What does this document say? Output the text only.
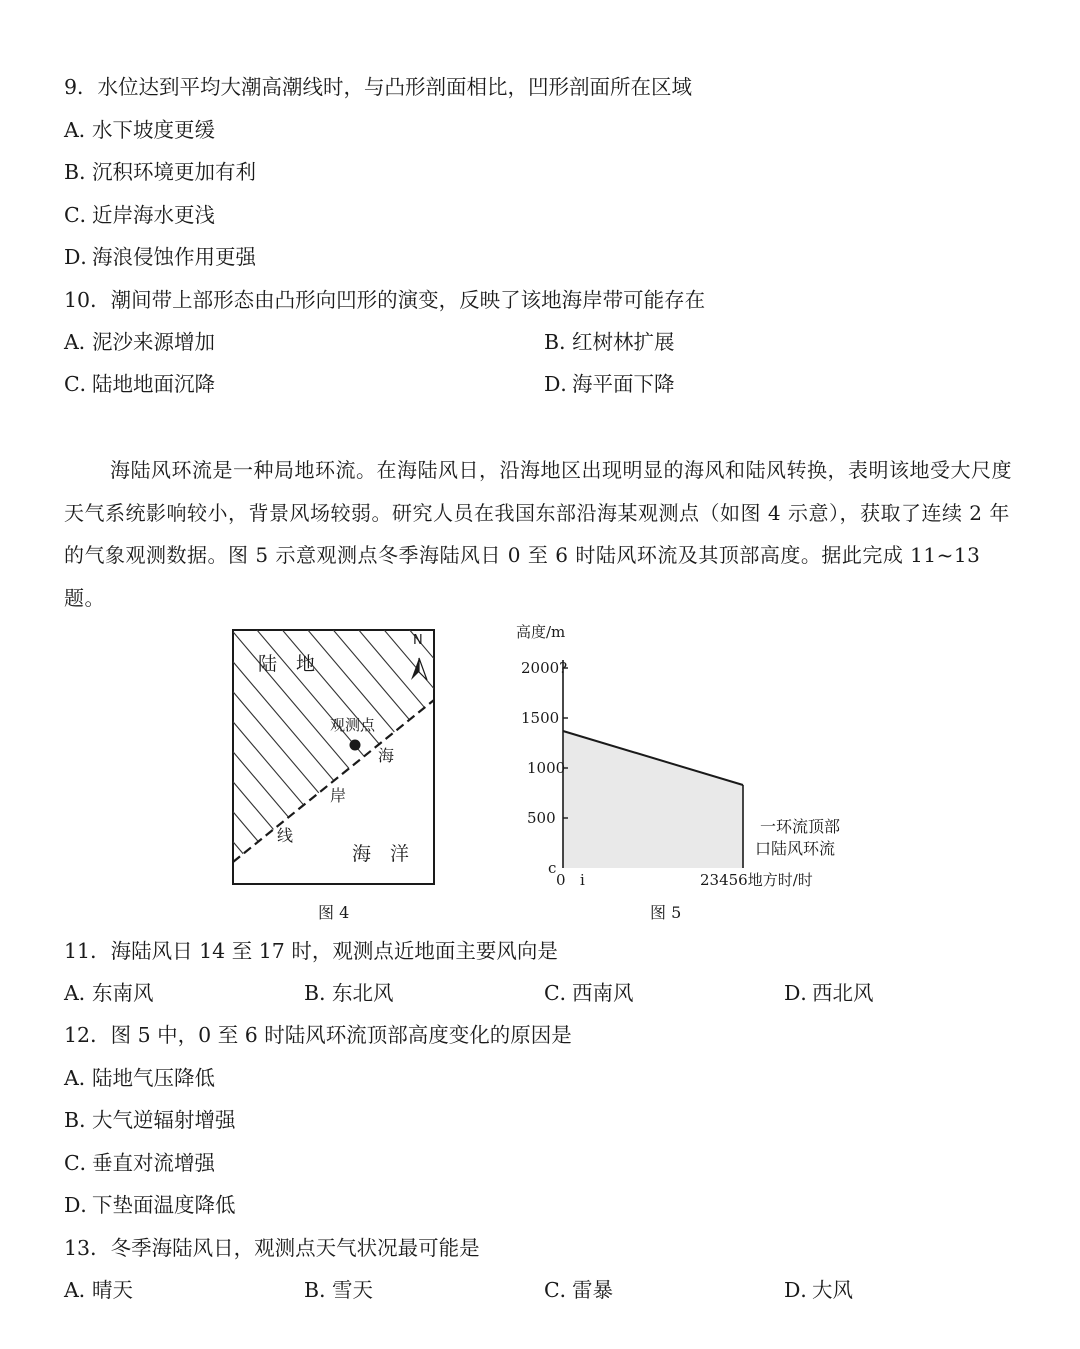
9．水位达到平均大潮高潮线时，与凸形剖面相比，凹形剖面所在区域
A．水下坡度更缓
B．沉积环境更加有利
C．近岸海水更浅
D．海浪侵蚀作用更强
10．潮间带上部形态由凸形向凹形的演变，反映了该地海岸带可能存在
A．泥沙来源增加	B．红树林扩展
C．陆地地面沉降	D．海平面下降
海陆风环流是一种局地环流。在海陆风日，沿海地区出现明显的海风和陆风转换，表明该地受大尺度天气系统影响较小，背景风场较弱。研究人员在我国东部沿海某观测点（如图 4 示意），获取了连续 2 年的气象观测数据。图 5 示意观测点冬季海陆风日 0 至 6 时陆风环流及其顶部高度。据此完成 11~13 题。
N
陆　地
观测点
海
岸
线
海　洋
图 4
高度/m
2000?
1500
1000
500
c
0 i	23456地方时/时
一环流顶部
口陆风环流
图 5
11．海陆风日 14 至 17 时，观测点近地面主要风向是
A．东南风	B．东北风	C．西南风	D．西北风
12．图 5 中，0 至 6 时陆风环流顶部高度变化的原因是
A．陆地气压降低
B．大气逆辐射增强
C．垂直对流增强
D．下垫面温度降低
13．冬季海陆风日，观测点天气状况最可能是
A．晴天	B．雪天	C．雷暴	D．大风
